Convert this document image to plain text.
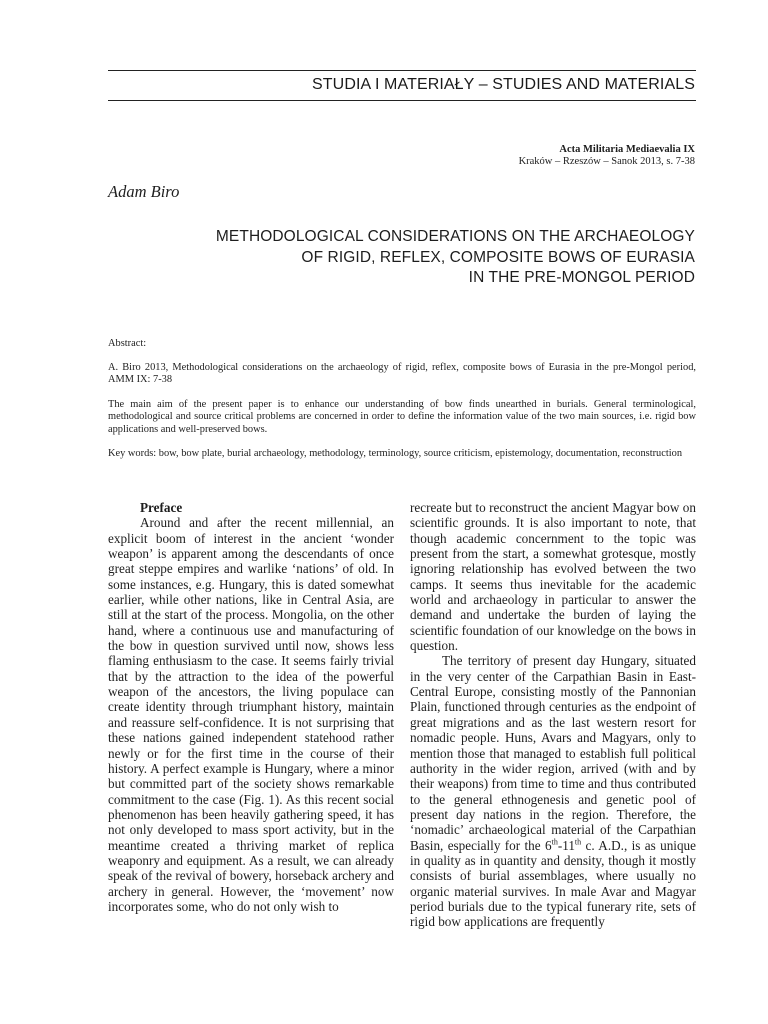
STUDIA I MATERIAŁY – STUDIES AND MATERIALS
Acta Militaria Mediaevalia IX
Kraków – Rzeszów – Sanok 2013, s. 7-38
Adam Biro
METHODOLOGICAL CONSIDERATIONS ON THE ARCHAEOLOGY
OF RIGID, REFLEX, COMPOSITE BOWS OF EURASIA
IN THE PRE-MONGOL PERIOD
Abstract:
A. Biro 2013, Methodological considerations on the archaeology of rigid, reflex, composite bows of Eurasia in the pre-Mongol period, AMM IX: 7-38
The main aim of the present paper is to enhance our understanding of bow finds unearthed in burials. General terminological, methodological and source critical problems are concerned in order to define the information value of the two main sources, i.e. rigid bow applications and well-preserved bows.
Key words: bow, bow plate, burial archaeology, methodology, terminology, source criticism, epistemology, documentation, reconstruction
Preface

Around and after the recent millennial, an explicit boom of interest in the ancient ‘wonder weapon’ is apparent among the descendants of once great steppe empires and warlike ‘nations’ of old. In some instances, e.g. Hungary, this is dated somewhat earlier, while other nations, like in Central Asia, are still at the start of the process. Mongolia, on the other hand, where a continuous use and manufacturing of the bow in question survived until now, shows less flaming enthusiasm to the case. It seems fairly trivial that by the attraction to the idea of the powerful weapon of the ancestors, the living populace can create identity through triumphant history, maintain and reassure self-confidence. It is not surprising that these nations gained independent statehood rather newly or for the first time in the course of their history. A perfect example is Hungary, where a minor but committed part of the society shows remarkable commitment to the case (Fig. 1). As this recent social phenomenon has been heavily gathering speed, it has not only developed to mass sport activity, but in the meantime created a thriving market of replica weaponry and equipment. As a result, we can already speak of the revival of bowery, horseback archery and archery in general. However, the ‘movement’ now incorporates some, who do not only wish to

recreate but to reconstruct the ancient Magyar bow on scientific grounds. It is also important to note, that though academic concernment to the topic was present from the start, a somewhat grotesque, mostly ignoring relationship has evolved between the two camps. It seems thus inevitable for the academic world and archaeology in particular to answer the demand and undertake the burden of laying the scientific foundation of our knowledge on the bows in question.

The territory of present day Hungary, situated in the very center of the Carpathian Basin in East-Central Europe, consisting mostly of the Pannonian Plain, functioned through centuries as the endpoint of great migrations and as the last western resort for nomadic people. Huns, Avars and Magyars, only to mention those that managed to establish full political authority in the wider region, arrived (with and by their weapons) from time to time and thus contributed to the general ethnogenesis and genetic pool of present day nations in the region. Therefore, the ‘nomadic’ archaeological material of the Carpathian Basin, especially for the 6th-11th c. A.D., is as unique in quality as in quantity and density, though it mostly consists of burial assemblages, where usually no organic material survives. In male Avar and Magyar period burials due to the typical funerary rite, sets of rigid bow applications are frequently
